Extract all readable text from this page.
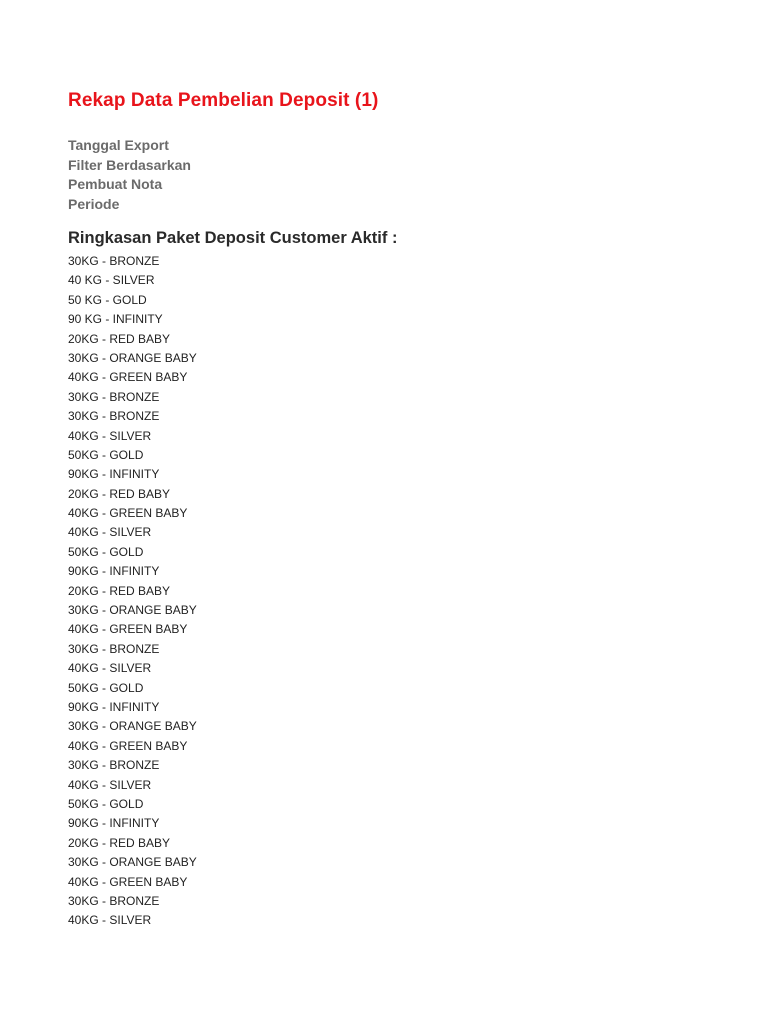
Rekap Data Pembelian Deposit (1)
Tanggal Export
Filter Berdasarkan
Pembuat Nota
Periode
Ringkasan Paket Deposit Customer Aktif :
30KG - BRONZE
40 KG - SILVER
50 KG - GOLD
90 KG - INFINITY
20KG - RED BABY
30KG - ORANGE BABY
40KG - GREEN BABY
30KG - BRONZE
30KG - BRONZE
40KG - SILVER
50KG - GOLD
90KG - INFINITY
20KG - RED BABY
40KG - GREEN BABY
40KG - SILVER
50KG - GOLD
90KG - INFINITY
20KG - RED BABY
30KG - ORANGE BABY
40KG - GREEN BABY
30KG - BRONZE
40KG - SILVER
50KG - GOLD
90KG - INFINITY
30KG - ORANGE BABY
40KG - GREEN BABY
30KG - BRONZE
40KG - SILVER
50KG - GOLD
90KG - INFINITY
20KG - RED BABY
30KG - ORANGE BABY
40KG - GREEN BABY
30KG - BRONZE
40KG - SILVER
